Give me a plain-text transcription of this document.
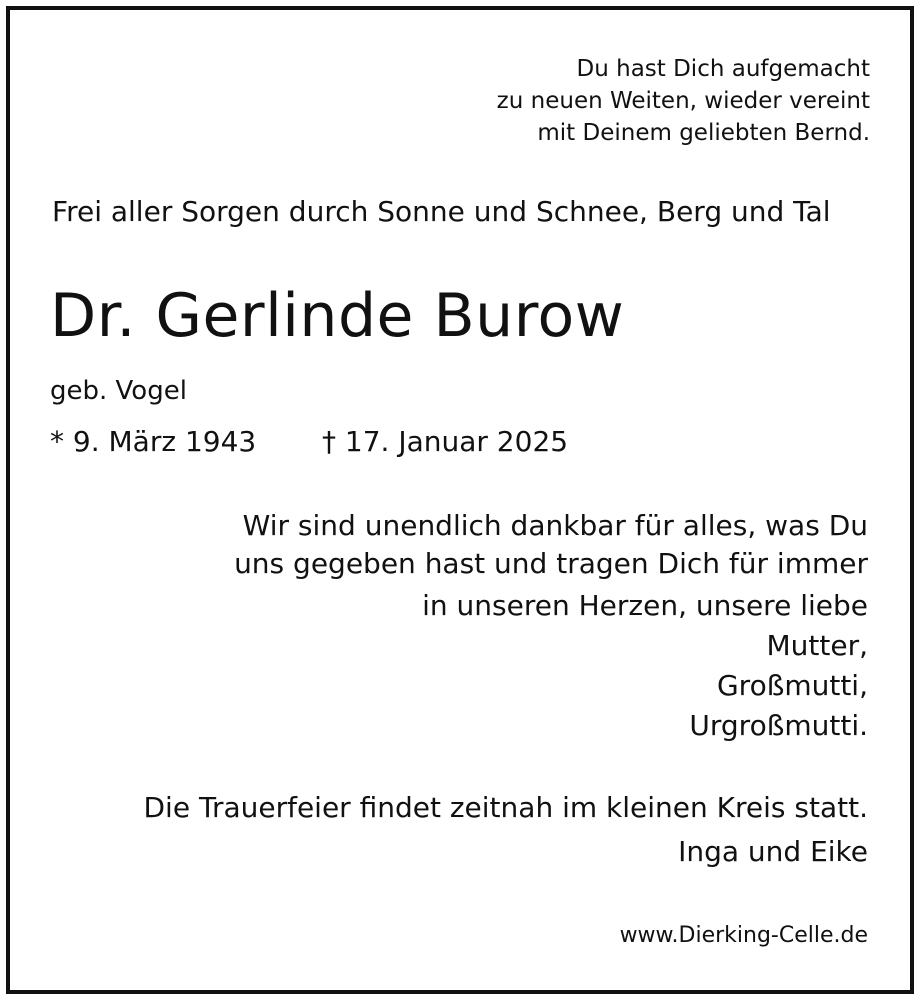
Du hast Dich aufgemacht
zu neuen Weiten, wieder vereint
mit Deinem geliebten Bernd.
Frei aller Sorgen durch Sonne und Schnee, Berg und Tal
Dr. Gerlinde Burow
geb. Vogel
* 9. März 1943 † 17. Januar 2025
Wir sind unendlich dankbar für alles, was Du
uns gegeben hast und tragen Dich für immer
in unseren Herzen, unsere liebe
Mutter,
Großmutti,
Urgroßmutti.
Die Trauerfeier findet zeitnah im kleinen Kreis statt.
Inga und Eike
www.Dierking-Celle.de
